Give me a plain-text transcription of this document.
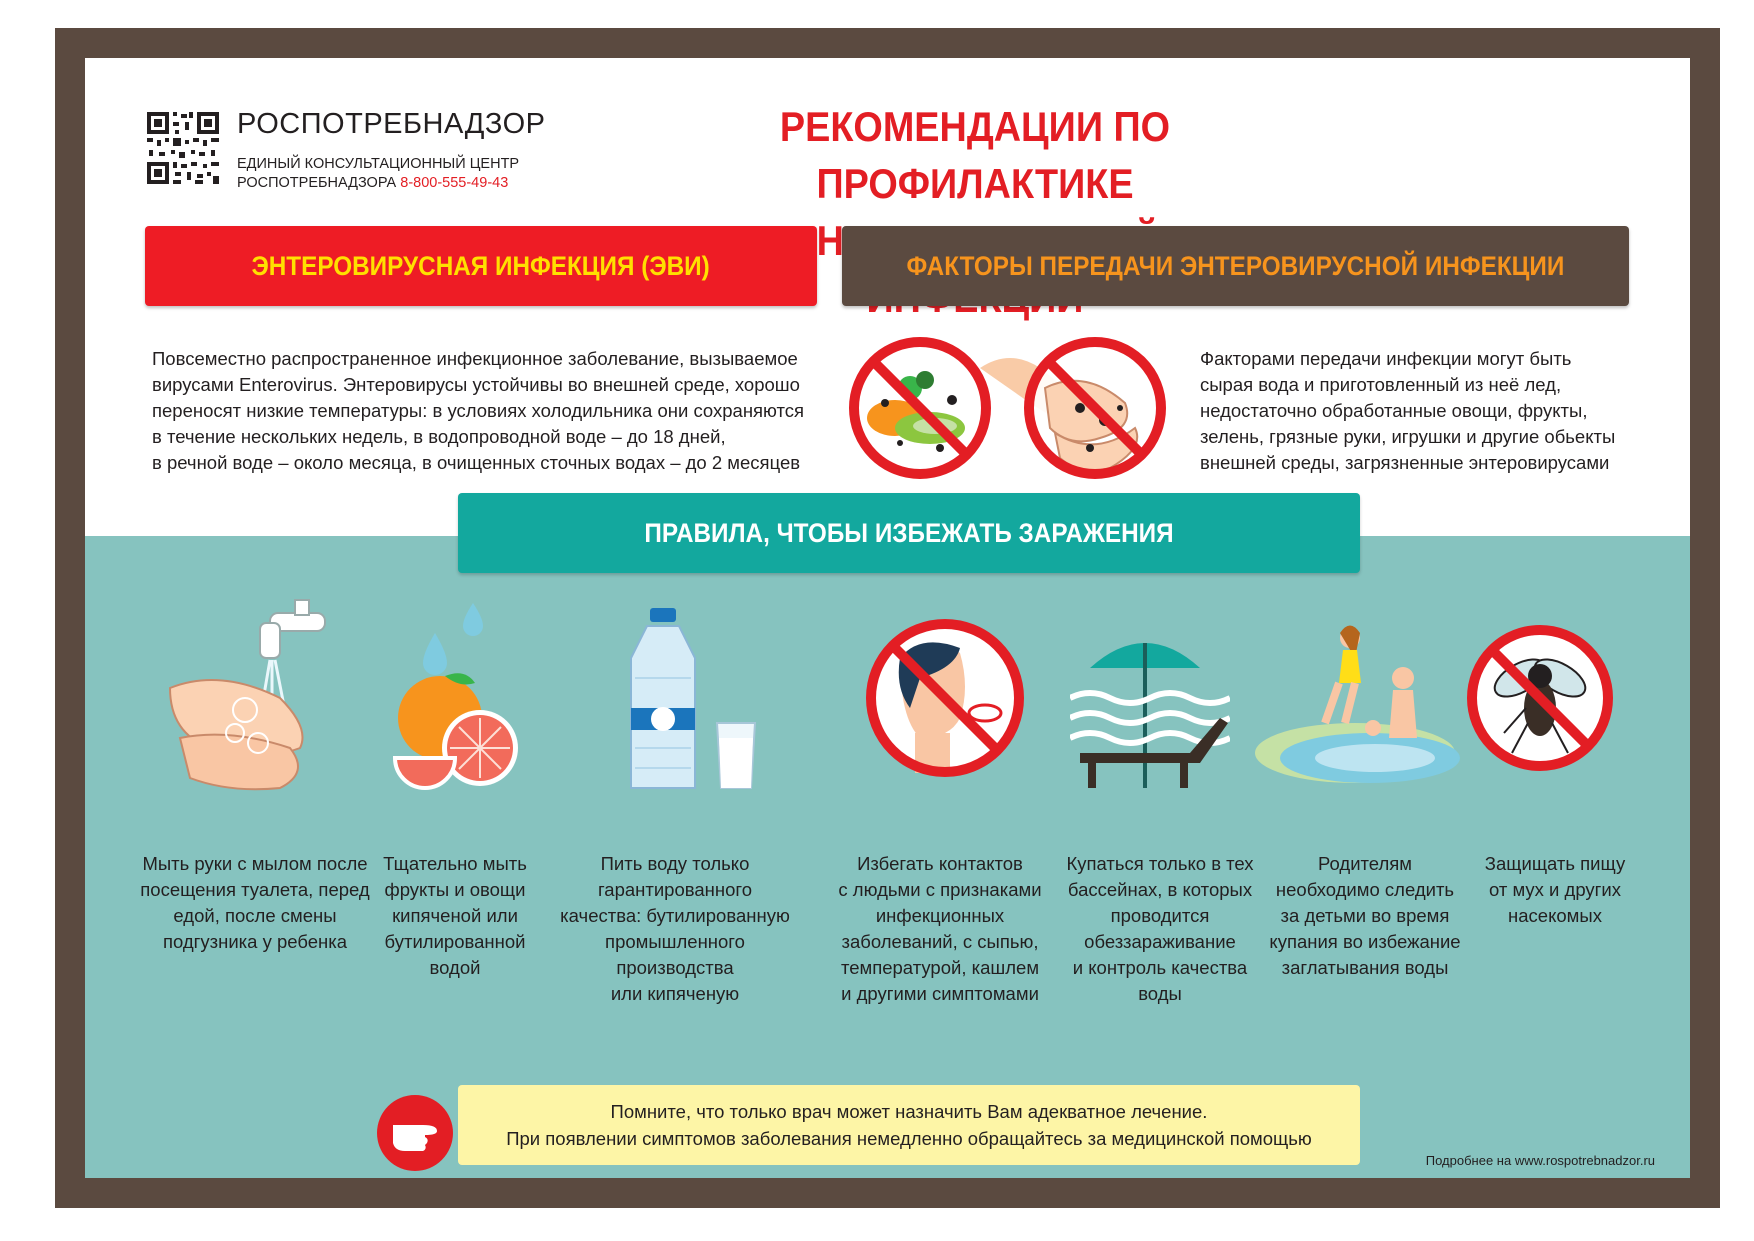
РОСПОТРЕБНАДЗОР
ЕДИНЫЙ КОНСУЛЬТАЦИОННЫЙ ЦЕНТР
РОСПОТРЕБНАДЗОРА 8-800-555-49-43
РЕКОМЕНДАЦИИ ПО ПРОФИЛАКТИКЕ
ЭНТЕРОВИРУСНАЯ ИНФЕКЦИЯ (ЭВИ)	ФАКТОРЫ ПЕРЕДАЧИ ЭНТЕРОВИРУСНОЙ ИНФЕКЦИИ
Повсеместно распространенное инфекционное заболевание, вызываемое
вирусами Enterovirus. Энтеровирусы устойчивы во внешней среде, хорошо
переносят низкие температуры: в условиях холодильника они сохраняются
в течение нескольких недель, в водопроводной воде – до 18 дней,
в речной воде – около месяца, в очищенных сточных водах – до 2 месяцев
Факторами передачи инфекции могут быть
сырая вода и приготовленный из неё лед,
недостаточно обработанные овощи, фрукты,
зелень, грязные руки, игрушки и другие обьекты
внешней среды, загрязненные энтеровирусами
ПРАВИЛА, ЧТОБЫ ИЗБЕЖАТЬ ЗАРАЖЕНИЯ
Мыть руки с мылом после
посещения туалета, перед
едой, после смены
подгузника у ребенка
Тщательно мыть
фрукты и овощи
кипяченой или
бутилированной
водой
Пить воду только
гарантированного
качества: бутилированную
промышленного
производства
или кипяченую
Избегать контактов
с людьми с признаками
инфекционных
заболеваний, с сыпью,
температурой, кашлем
и другими симптомами
Купаться только в тех
бассейнах, в которых
проводится
обеззараживание
и контроль качества
воды
Родителям
необходимо следить
за детьми во время
купания во избежание
заглатывания воды
Защищать пищу
от мух и других
насекомых
Помните, что только врач может назначить Вам адекватное лечение.
При появлении симптомов заболевания немедленно обращайтесь за медицинской помощью
Подробнее на www.rospotrebnadzor.ru
